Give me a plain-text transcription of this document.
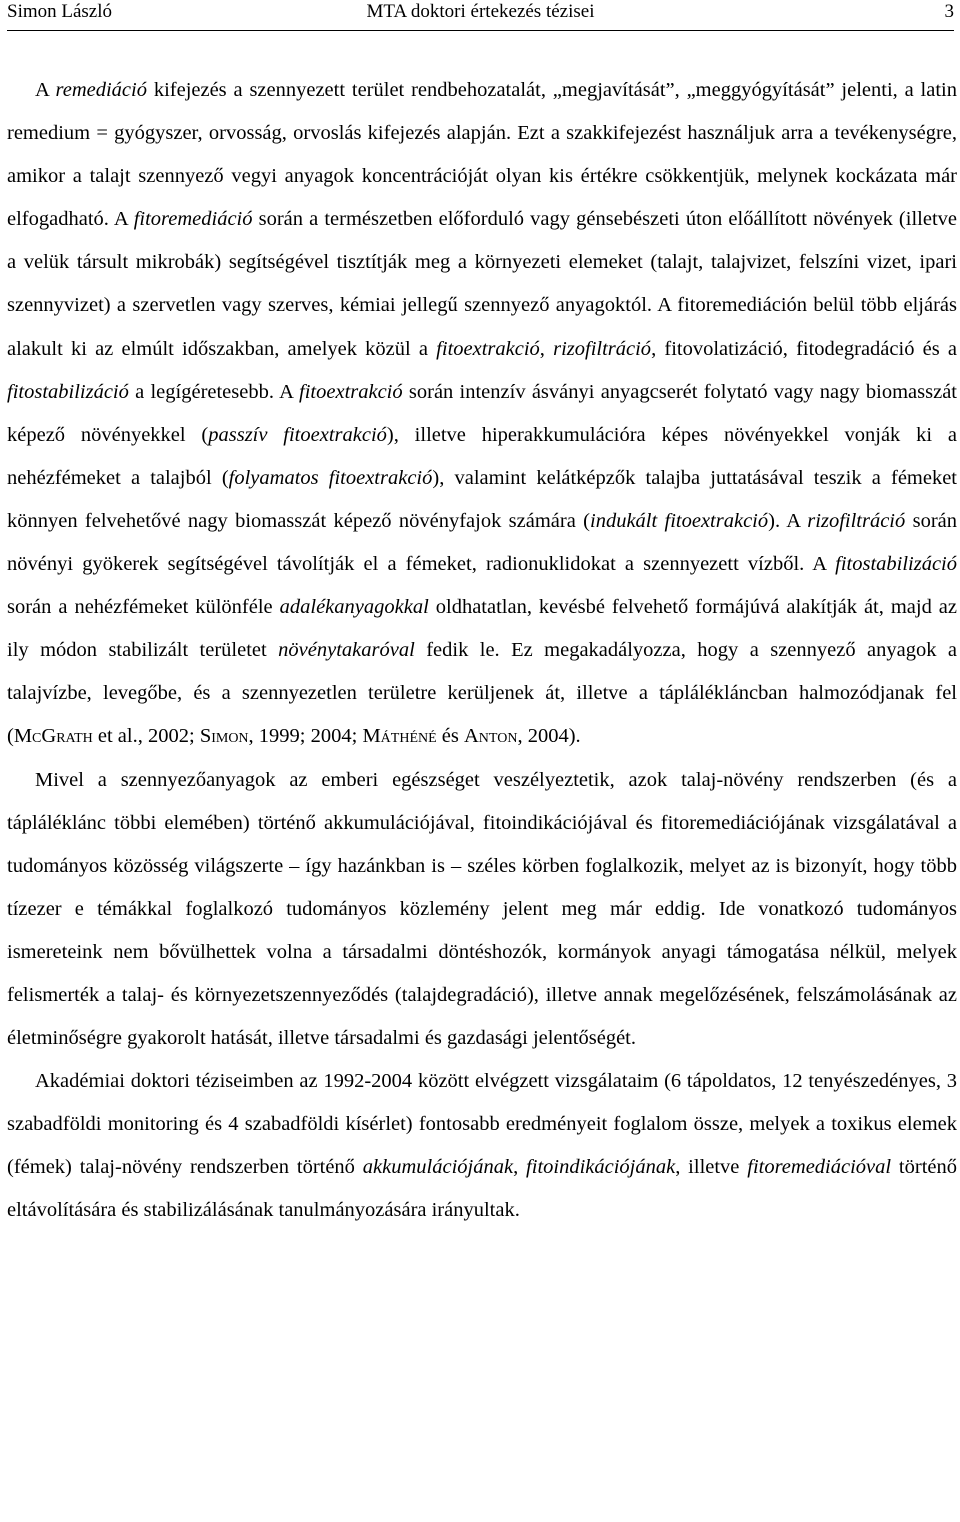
Simon László	MTA doktori értekezés tézisei	3

A remediáció kifejezés a szennyezett terület rendbehozatalát, „megjavítását”, „meggyógyítását” jelenti, a latin remedium = gyógyszer, orvosság, orvoslás kifejezés alapján. Ezt a szakkifejezést használjuk arra a tevékenységre, amikor a talajt szennyező vegyi anyagok koncentrációját olyan kis értékre csökkentjük, melynek kockázata már elfogadható. A fitoremediáció során a természetben előforduló vagy génsebészeti úton előállított növények (illetve a velük társult mikrobák) segítségével tisztítják meg a környezeti elemeket (talajt, talajvizet, felszíni vizet, ipari szennyvizet) a szervetlen vagy szerves, kémiai jellegű szennyező anyagoktól. A fitoremediáción belül több eljárás alakult ki az elmúlt időszakban, amelyek közül a fitoextrakció, rizofiltráció, fitovolatizáció, fitodegradáció és a fitostabilizáció a legígéretesebb. A fitoextrakció során intenzív ásványi anyagcserét folytató vagy nagy biomasszát képező növényekkel (passzív fitoextrakció), illetve hiperakkumulációra képes növényekkel vonják ki a nehézfémeket a talajból (folyamatos fitoextrakció), valamint kelátképzők talajba juttatásával teszik a fémeket könnyen felvehetővé nagy biomasszát képező növényfajok számára (indukált fitoextrakció). A rizofiltráció során növényi gyökerek segítségével távolítják el a fémeket, radionuklidokat a szennyezett vízből. A fitostabilizáció során a nehézfémeket különféle adalékanyagokkal oldhatatlan, kevésbé felvehető formájúvá alakítják át, majd az ily módon stabilizált területet növénytakaróval fedik le. Ez megakadályozza, hogy a szennyező anyagok a talajvízbe, levegőbe, és a szennyezetlen területre kerüljenek át, illetve a táplálékláncban halmozódjanak fel (McGrath et al., 2002; Simon, 1999; 2004; Máthéné és Anton, 2004).

Mivel a szennyezőanyagok az emberi egészséget veszélyeztetik, azok talaj-növény rendszerben (és a tápláléklánc többi elemében) történő akkumulációjával, fitoindikációjával és fitoremediációjának vizsgálatával a tudományos közösség világszerte – így hazánkban is – széles körben foglalkozik, melyet az is bizonyít, hogy több tízezer e témákkal foglalkozó tudományos közlemény jelent meg már eddig. Ide vonatkozó tudományos ismereteink nem bővülhettek volna a társadalmi döntéshozók, kormányok anyagi támogatása nélkül, melyek felismerték a talaj- és környezetszennyeződés (talajdegradáció), illetve annak megelőzésének, felszámolásának az életminőségre gyakorolt hatását, illetve társadalmi és gazdasági jelentőségét.

Akadémiai doktori téziseimben az 1992-2004 között elvégzett vizsgálataim (6 tápoldatos, 12 tenyészedényes, 3 szabadföldi monitoring és 4 szabadföldi kísérlet) fontosabb eredményeit foglalom össze, melyek a toxikus elemek (fémek) talaj-növény rendszerben történő akkumulációjának, fitoindikációjának, illetve fitoremediációval történő eltávolítására és stabilizálásának tanulmányozására irányultak.
